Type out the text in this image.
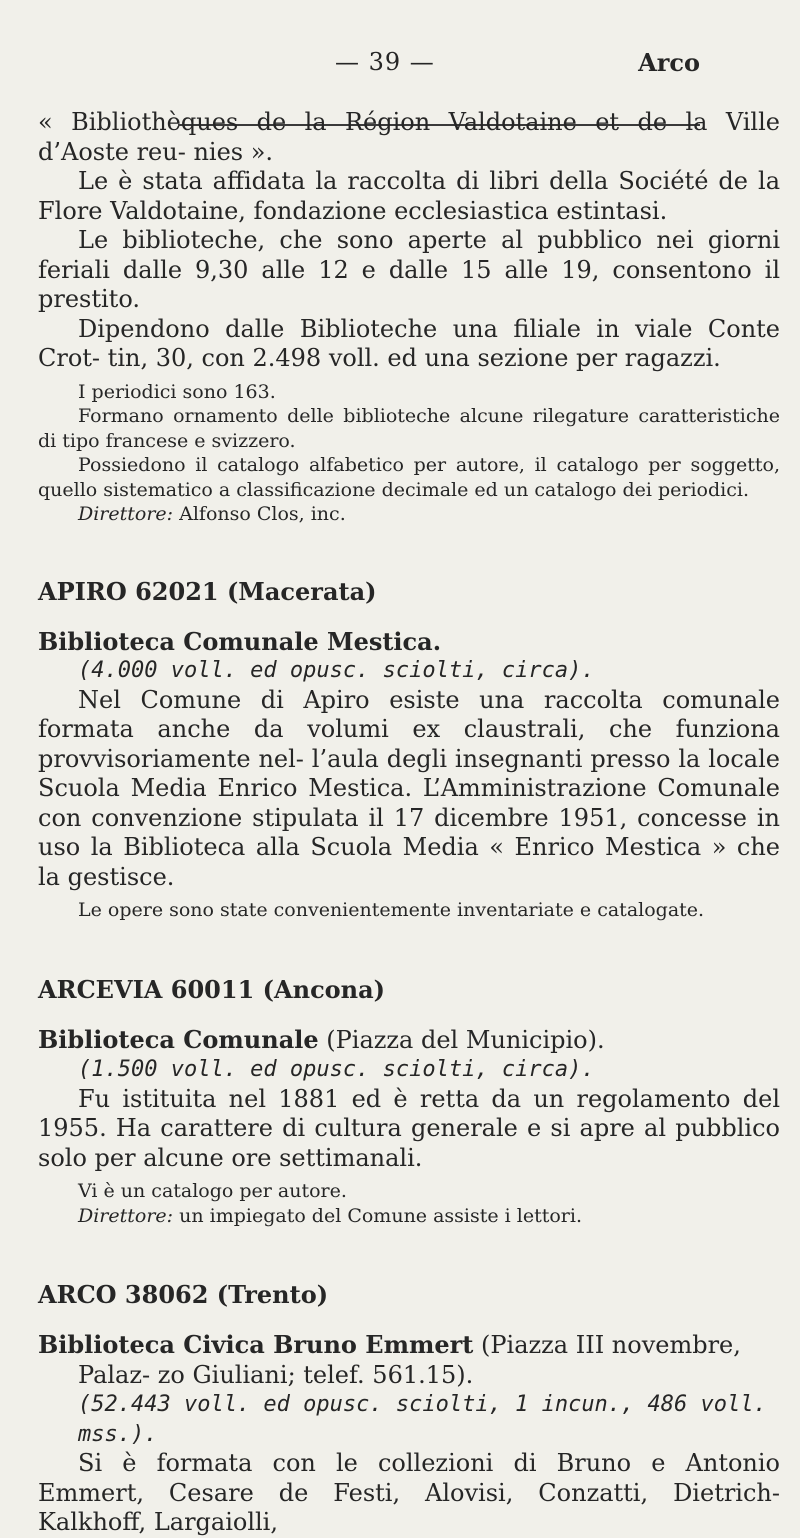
— 39 —	Arco

« Bibliothèques de la Région Valdotaine et de la Ville d’Aoste reu- nies ».

Le è stata affidata la raccolta di libri della Société de la Flore Valdotaine, fondazione ecclesiastica estintasi.

Le biblioteche, che sono aperte al pubblico nei giorni feriali dalle 9,30 alle 12 e dalle 15 alle 19, consentono il prestito.

Dipendono dalle Biblioteche una filiale in viale Conte Crot- tin, 30, con 2.498 voll. ed una sezione per ragazzi.

I periodici sono 163.

Formano ornamento delle biblioteche alcune rilegature caratteristiche di tipo francese e svizzero.

Possiedono il catalogo alfabetico per autore, il catalogo per soggetto, quello sistematico a classificazione decimale ed un catalogo dei periodici.

Direttore: Alfonso Clos, inc.

APIRO 62021 (Macerata)

Biblioteca Comunale Mestica.

(4.000 voll. ed opusc. sciolti, circa).

Nel Comune di Apiro esiste una raccolta comunale formata anche da volumi ex claustrali, che funziona provvisoriamente nel- l’aula degli insegnanti presso la locale Scuola Media Enrico Mestica. L’Amministrazione Comunale con convenzione stipulata il 17 dicembre 1951, concesse in uso la Biblioteca alla Scuola Media « Enrico Mestica » che la gestisce.

Le opere sono state convenientemente inventariate e catalogate.

ARCEVIA 60011 (Ancona)

Biblioteca Comunale (Piazza del Municipio).

(1.500 voll. ed opusc. sciolti, circa).

Fu istituita nel 1881 ed è retta da un regolamento del 1955. Ha carattere di cultura generale e si apre al pubblico solo per alcune ore settimanali.

Vi è un catalogo per autore.

Direttore: un impiegato del Comune assiste i lettori.

ARCO 38062 (Trento)

Biblioteca Civica Bruno Emmert (Piazza III novembre, Palaz- zo Giuliani; telef. 561.15).

(52.443 voll. ed opusc. sciolti, 1 incun., 486 voll. mss.).

Si è formata con le collezioni di Bruno e Antonio Emmert, Cesare de Festi, Alovisi, Conzatti, Dietrich-Kalkhoff, Largaiolli,
